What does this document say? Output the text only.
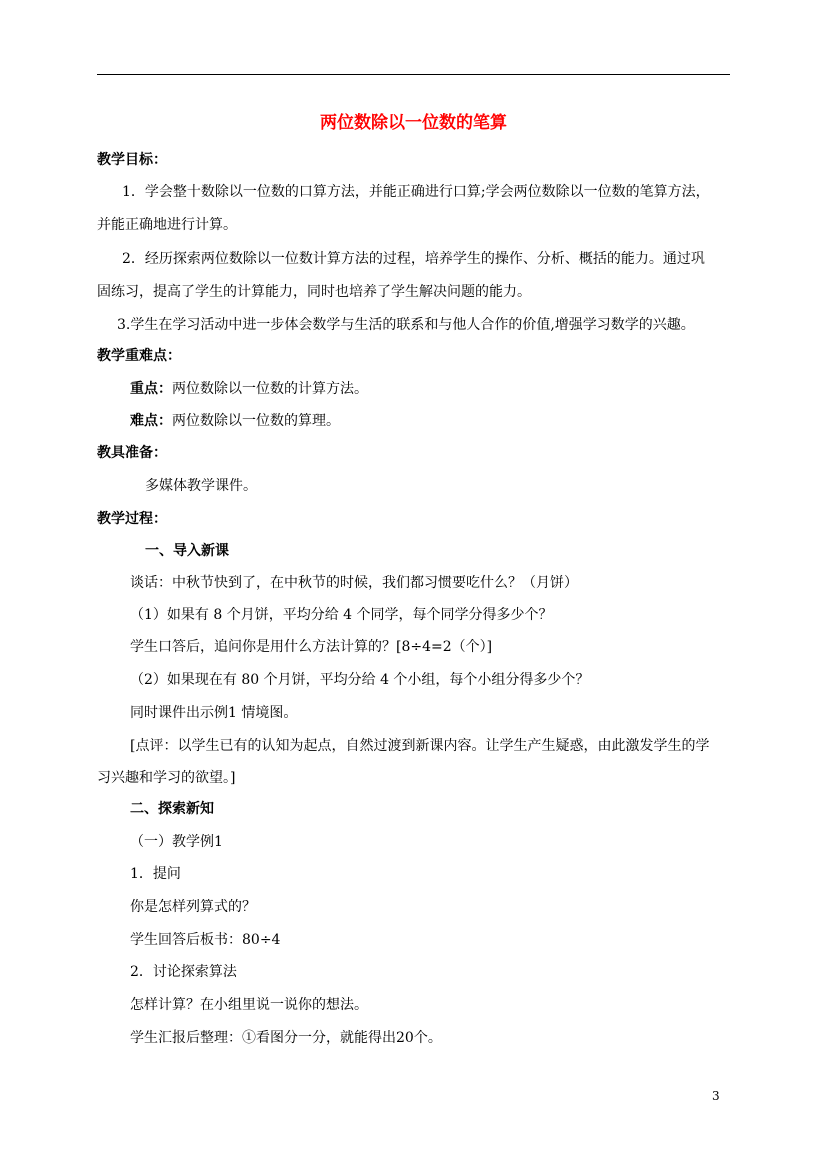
两位数除以一位数的笔算
教学目标：
1．学会整十数除以一位数的口算方法，并能正确进行口算;学会两位数除以一位数的笔算方法，
并能正确地进行计算。
2．经历探索两位数除以一位数计算方法的过程，培养学生的操作、分析、概括的能力。通过巩
固练习，提高了学生的计算能力，同时也培养了学生解决问题的能力。
3.学生在学习活动中进一步体会数学与生活的联系和与他人合作的价值,增强学习数学的兴趣。
教学重难点：
重点：两位数除以一位数的计算方法。
难点：两位数除以一位数的算理。
教具准备：
多媒体教学课件。
教学过程：
一、导入新课
谈话：中秋节快到了，在中秋节的时候，我们都习惯要吃什么？（月饼）
（1）如果有 8 个月饼，平均分给 4 个同学，每个同学分得多少个？
学生口答后，追问你是用什么方法计算的？[8÷4=2（个）]
（2）如果现在有 80 个月饼，平均分给 4 个小组，每个小组分得多少个？
同时课件出示例1 情境图。
[点评：以学生已有的认知为起点，自然过渡到新课内容。让学生产生疑惑，由此激发学生的学
习兴趣和学习的欲望。]
二、探索新知
（一）教学例1
1．提问
你是怎样列算式的？
学生回答后板书：80÷4
2．讨论探索算法
怎样计算？在小组里说一说你的想法。
学生汇报后整理：①看图分一分，就能得出20个。
3
